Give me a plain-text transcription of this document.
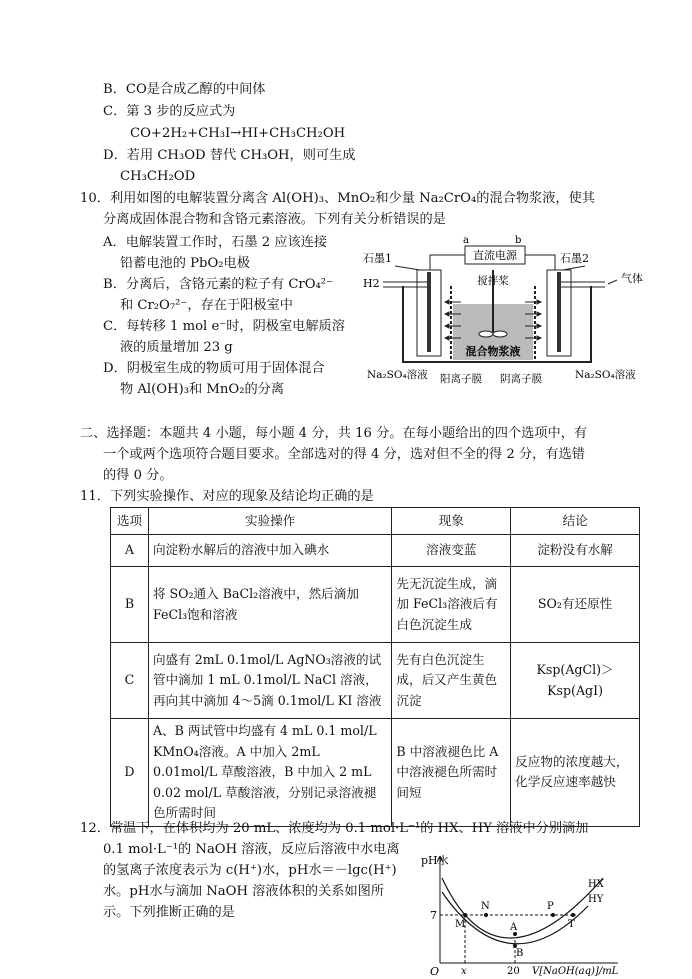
B．CO是合成乙醇的中间体
C．第 3 步的反应式为
CO+2H₂+CH₃I→HI+CH₃CH₂OH
D．若用 CH₃OD 替代 CH₃OH，则可生成
CH₃CH₂OD
10．利用如图的电解装置分离含 Al(OH)₃、MnO₂和少量 Na₂CrO₄的混合物浆液，使其
分离成固体混合物和含铬元素溶液。下列有关分析错误的是
A．电解装置工作时，石墨 2 应该连接
铅蓄电池的 PbO₂电极
B．分离后，含铬元素的粒子有 CrO₄²⁻
和 Cr₂O₇²⁻，存在于阳极室中
C．每转移 1 mol e⁻时，阴极室电解质溶
液的质量增加 23 g
D．阴极室生成的物质可用于固体混合
物 Al(OH)₃和 MnO₂的分离
a	b
直流电源
石墨1	石墨2
H2	气体
搅拌桨
混合物浆液
Na₂SO₄溶液 阳离子膜 阴离子膜	Na₂SO₄溶液
二、选择题：本题共 4 小题，每小题 4 分，共 16 分。在每小题给出的四个选项中，有
一个或两个选项符合题目要求。全部选对的得 4 分，选对但不全的得 2 分，有选错
的得 0 分。
11．下列实验操作、对应的现象及结论均正确的是
选项	实验操作	现象	结论
A	向淀粉水解后的溶液中加入碘水	溶液变蓝	淀粉没有水解
B	将 SO₂通入 BaCl₂溶液中，然后滴加 FeCl₃饱和溶液	先无沉淀生成，滴加 FeCl₃溶液后有白色沉淀生成	SO₂有还原性
C	向盛有 2mL 0.1mol/L AgNO₃溶液的试管中滴加 1 mL 0.1mol/L NaCl 溶液，再向其中滴加 4～5滴 0.1mol/L KI 溶液	先有白色沉淀生成，后又产生黄色沉淀	Ksp(AgCl)＞Ksp(AgI)
D	A、B 两试管中均盛有 4 mL 0.1 mol/L KMnO₄溶液。A 中加入 2mL 0.01mol/L 草酸溶液，B 中加入 2 mL 0.02 mol/L 草酸溶液，分别记录溶液褪色所需时间	B 中溶液褪色比 A 中溶液褪色所需时间短	反应物的浓度越大，化学反应速率越快
12．常温下，在体积均为 20 mL、浓度均为 0.1 mol·L⁻¹的 HX、HY 溶液中分别滴加
0.1 mol·L⁻¹的 NaOH 溶液，反应后溶液中水电离
的氢离子浓度表示为 c(H⁺)水，pH水＝－lgc(H⁺)
水。pH水与滴加 NaOH 溶液体积的关系如图所
示。下列推断正确的是
pH水
O
7
x	20 V[NaOH(aq)]/mL
HX
HY
M
N
A
B
P
T
